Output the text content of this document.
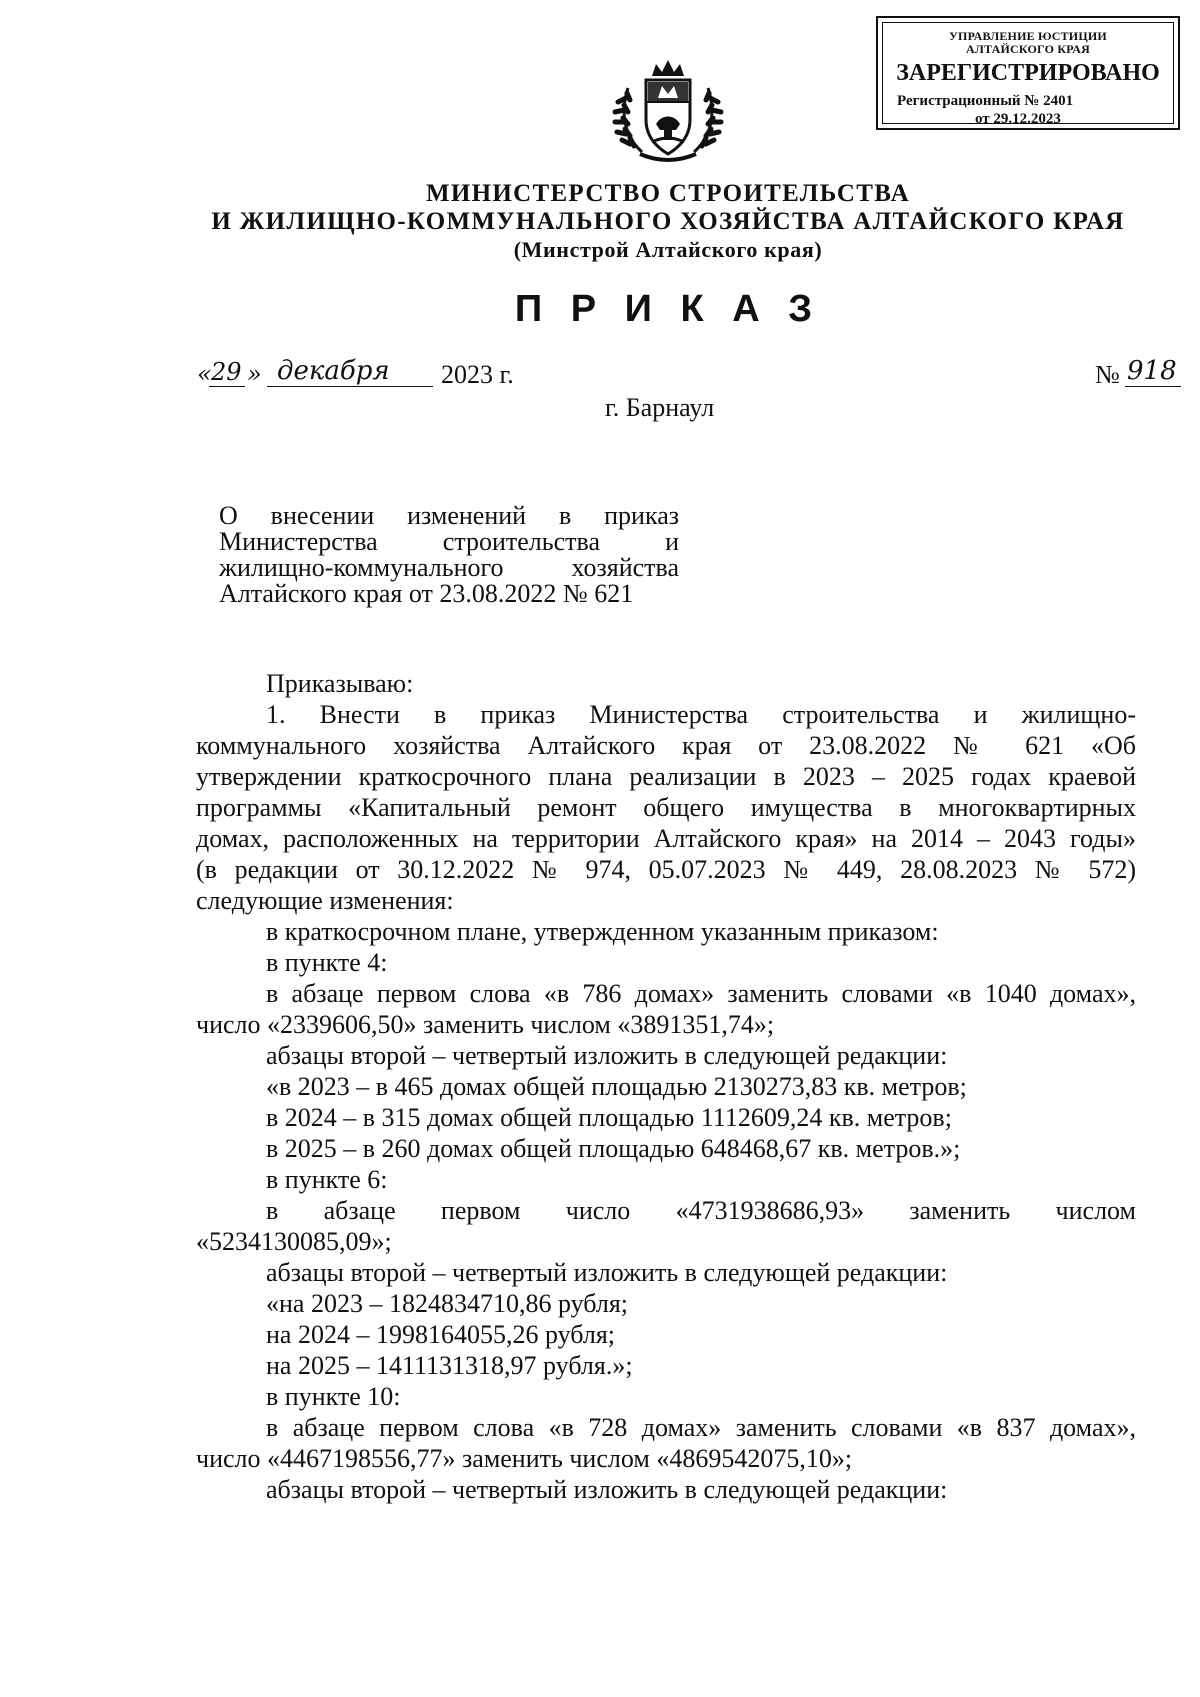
УПРАВЛЕНИЕ ЮСТИЦИИ
АЛТАЙСКОГО КРАЯ
ЗАРЕГИСТРИРОВАНО
Регистрационный № 2401
от 29.12.2023
МИНИСТЕРСТВО СТРОИТЕЛЬСТВА
И ЖИЛИЩНО-КОММУНАЛЬНОГО ХОЗЯЙСТВА АЛТАЙСКОГО КРАЯ
(Минстрой Алтайского края)
П Р И К А З
« 29 » декабря 2023 г.	№ 918
г. Барнаул
О внесении изменений в приказ
Министерства строительства и
жилищно-коммунального хозяйства
Алтайского края от 23.08.2022 № 621

Приказываю:

1. Внести в приказ Министерства строительства и жилищно-

коммунального хозяйства Алтайского края от 23.08.2022 № 621 «Об

утверждении краткосрочного плана реализации в 2023 – 2025 годах краевой

программы «Капитальный ремонт общего имущества в многоквартирных

домах, расположенных на территории Алтайского края» на 2014 – 2043 годы»

(в редакции от 30.12.2022 № 974, 05.07.2023 № 449, 28.08.2023 № 572)

следующие изменения:

в краткосрочном плане, утвержденном указанным приказом:

в пункте 4:

в абзаце первом слова «в 786 домах» заменить словами «в 1040 домах»,

число «2339606,50» заменить числом «3891351,74»;

абзацы второй – четвертый изложить в следующей редакции:

«в 2023 – в 465 домах общей площадью 2130273,83 кв. метров;

в 2024 – в 315 домах общей площадью 1112609,24 кв. метров;

в 2025 – в 260 домах общей площадью 648468,67 кв. метров.»;

в пункте 6:

в абзаце первом число «4731938686,93» заменить числом

«5234130085,09»;

абзацы второй – четвертый изложить в следующей редакции:

«на 2023 – 1824834710,86 рубля;

на 2024 – 1998164055,26 рубля;

на 2025 – 1411131318,97 рубля.»;

в пункте 10:

в абзаце первом слова «в 728 домах» заменить словами «в 837 домах»,

число «4467198556,77» заменить числом «4869542075,10»;

абзацы второй – четвертый изложить в следующей редакции:
